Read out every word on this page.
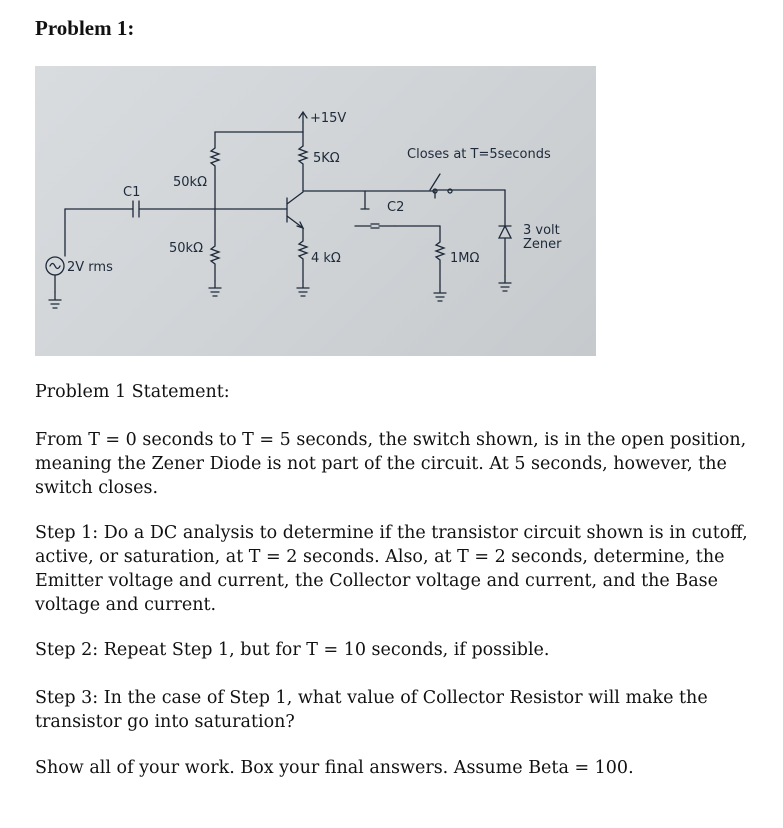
Problem 1:
+15V
5KΩ	Closes at T=5seconds
50kΩ
C1
C2
3 volt
Zener
50kΩ
4 kΩ	1MΩ
2V rms
Problem 1 Statement:
From T = 0 seconds to T = 5 seconds, the switch shown, is in the open position, meaning the Zener Diode is not part of the circuit. At 5 seconds, however, the switch closes.
Step 1: Do a DC analysis to determine if the transistor circuit shown is in cutoff, active, or saturation, at T = 2 seconds. Also, at T = 2 seconds, determine, the Emitter voltage and current, the Collector voltage and current, and the Base voltage and current.
Step 2: Repeat Step 1, but for T = 10 seconds, if possible.
Step 3: In the case of Step 1, what value of Collector Resistor will make the transistor go into saturation?
Show all of your work. Box your final answers. Assume Beta = 100.
